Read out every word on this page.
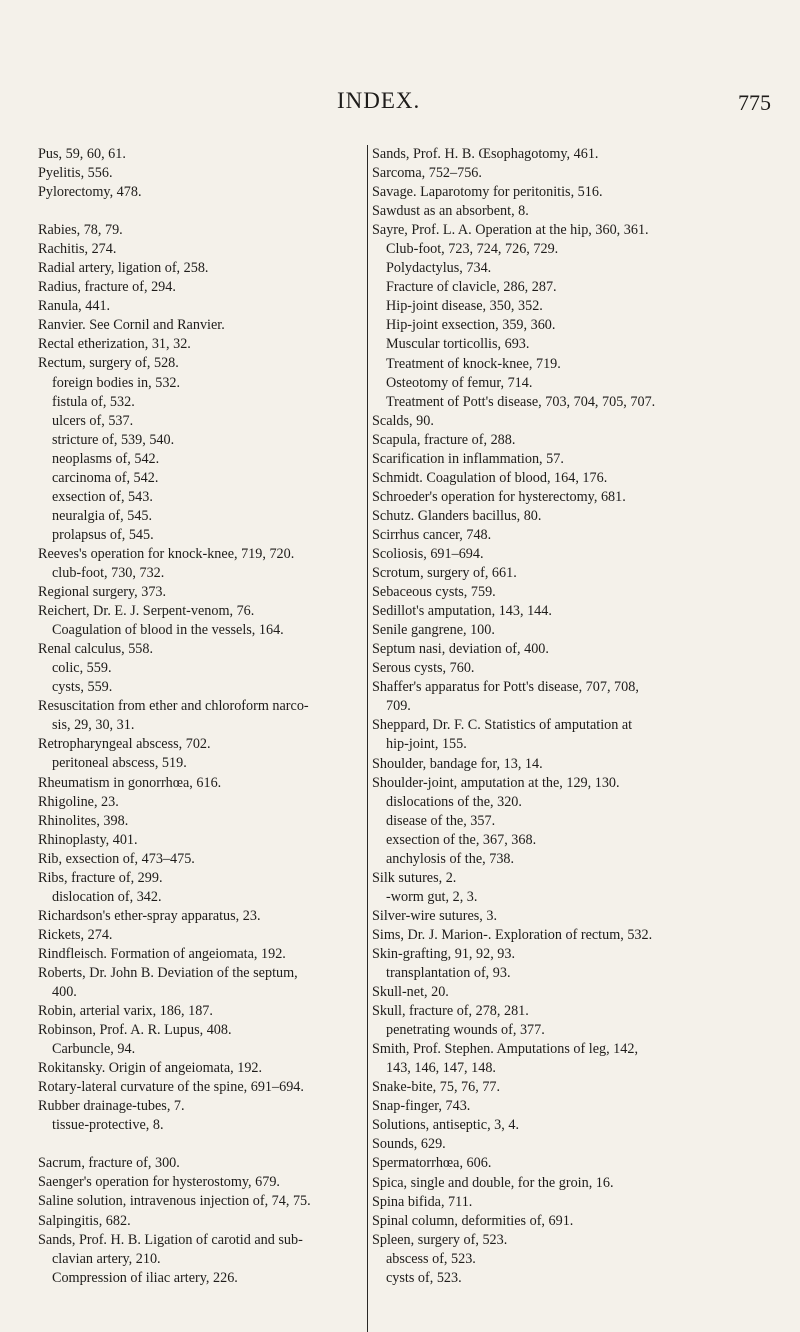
INDEX.	775
Pus, 59, 60, 61.
Pyelitis, 556.
Pylorectomy, 478.
Rabies, 78, 79.
Rachitis, 274.
Radial artery, ligation of, 258.
Radius, fracture of, 294.
Ranula, 441.
Ranvier. See Cornil and Ranvier.
Rectal etherization, 31, 32.
Rectum, surgery of, 528.
foreign bodies in, 532.
fistula of, 532.
ulcers of, 537.
stricture of, 539, 540.
neoplasms of, 542.
carcinoma of, 542.
exsection of, 543.
neuralgia of, 545.
prolapsus of, 545.
Reeves's operation for knock-knee, 719, 720.
club-foot, 730, 732.
Regional surgery, 373.
Reichert, Dr. E. J. Serpent-venom, 76.
Coagulation of blood in the vessels, 164.
Renal calculus, 558.
colic, 559.
cysts, 559.
Resuscitation from ether and chloroform narco-
sis, 29, 30, 31.
Retropharyngeal abscess, 702.
peritoneal abscess, 519.
Rheumatism in gonorrhœa, 616.
Rhigoline, 23.
Rhinolites, 398.
Rhinoplasty, 401.
Rib, exsection of, 473–475.
Ribs, fracture of, 299.
dislocation of, 342.
Richardson's ether-spray apparatus, 23.
Rickets, 274.
Rindfleisch. Formation of angeiomata, 192.
Roberts, Dr. John B. Deviation of the septum,
400.
Robin, arterial varix, 186, 187.
Robinson, Prof. A. R. Lupus, 408.
Carbuncle, 94.
Rokitansky. Origin of angeiomata, 192.
Rotary-lateral curvature of the spine, 691–694.
Rubber drainage-tubes, 7.
tissue-protective, 8.
Sacrum, fracture of, 300.
Saenger's operation for hysterostomy, 679.
Saline solution, intravenous injection of, 74, 75.
Salpingitis, 682.
Sands, Prof. H. B. Ligation of carotid and sub-
clavian artery, 210.
Compression of iliac artery, 226.
Sands, Prof. H. B. Œsophagotomy, 461.
Sarcoma, 752–756.
Savage. Laparotomy for peritonitis, 516.
Sawdust as an absorbent, 8.
Sayre, Prof. L. A. Operation at the hip, 360, 361.
Club-foot, 723, 724, 726, 729.
Polydactylus, 734.
Fracture of clavicle, 286, 287.
Hip-joint disease, 350, 352.
Hip-joint exsection, 359, 360.
Muscular torticollis, 693.
Treatment of knock-knee, 719.
Osteotomy of femur, 714.
Treatment of Pott's disease, 703, 704, 705, 707.
Scalds, 90.
Scapula, fracture of, 288.
Scarification in inflammation, 57.
Schmidt. Coagulation of blood, 164, 176.
Schroeder's operation for hysterectomy, 681.
Schutz. Glanders bacillus, 80.
Scirrhus cancer, 748.
Scoliosis, 691–694.
Scrotum, surgery of, 661.
Sebaceous cysts, 759.
Sedillot's amputation, 143, 144.
Senile gangrene, 100.
Septum nasi, deviation of, 400.
Serous cysts, 760.
Shaffer's apparatus for Pott's disease, 707, 708,
709.
Sheppard, Dr. F. C. Statistics of amputation at
hip-joint, 155.
Shoulder, bandage for, 13, 14.
Shoulder-joint, amputation at the, 129, 130.
dislocations of the, 320.
disease of the, 357.
exsection of the, 367, 368.
anchylosis of the, 738.
Silk sutures, 2.
-worm gut, 2, 3.
Silver-wire sutures, 3.
Sims, Dr. J. Marion-. Exploration of rectum, 532.
Skin-grafting, 91, 92, 93.
transplantation of, 93.
Skull-net, 20.
Skull, fracture of, 278, 281.
penetrating wounds of, 377.
Smith, Prof. Stephen. Amputations of leg, 142,
143, 146, 147, 148.
Snake-bite, 75, 76, 77.
Snap-finger, 743.
Solutions, antiseptic, 3, 4.
Sounds, 629.
Spermatorrhœa, 606.
Spica, single and double, for the groin, 16.
Spina bifida, 711.
Spinal column, deformities of, 691.
Spleen, surgery of, 523.
abscess of, 523.
cysts of, 523.
